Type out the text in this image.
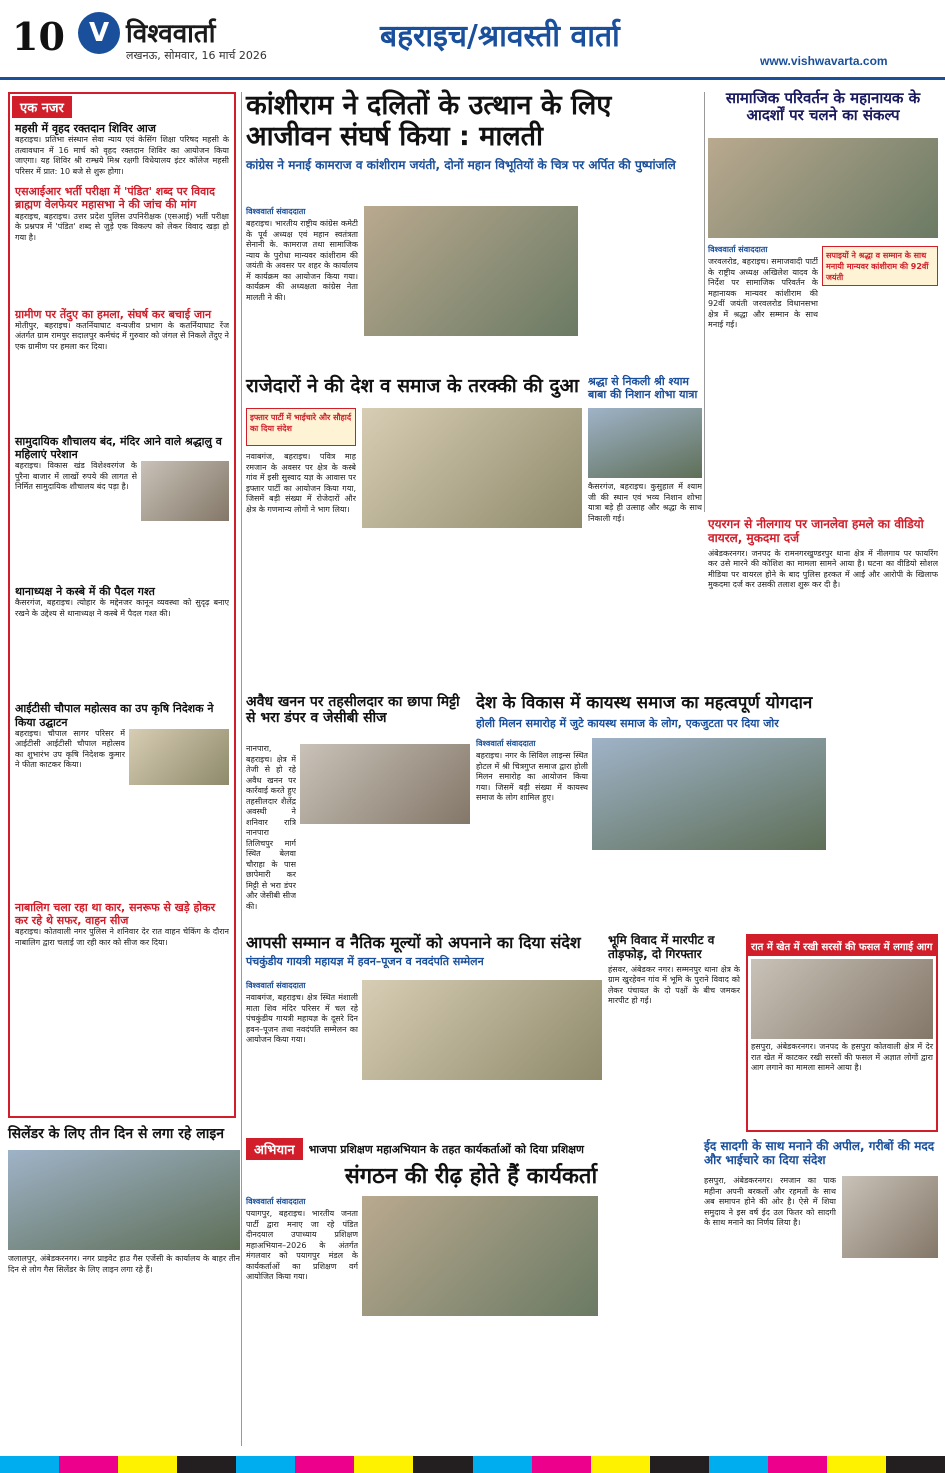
10 V विश्ववार्ता
लखनऊ, सोमवार, 16 मार्च 2026
बहराइच/श्रावस्ती वार्ता
www.vishwavarta.com
एक नजर
महसी में वृहद रक्तदान शिविर आज
बहराइच। प्रतिभा संस्थान सेवा न्याय एवं केसिंग शिक्षा परिषद महसी के तत्वावधान में 16 मार्च को वृहद रक्तदान शिविर का आयोजन किया जाएगा। यह शिविर श्री राम्भ्रये मिश्र रक्षगी विधेयालय इंटर कॉलेज महसी परिसर में प्रात: 10 बजे से शुरू होगा।
एसआईआर भर्ती परीक्षा में 'पंडित' शब्द पर विवाद ब्राह्मण वेलफेयर महासभा ने की जांच की मांग
बहराइच, बहराइच। उत्तर प्रदेश पुलिस उपनिरीक्षक (एसआई) भर्ती परीक्षा के प्रश्नपत्र में 'पंडित' शब्द से जुड़े एक विकल्प को लेकर विवाद खड़ा हो गया है।
ग्रामीण पर तेंदुए का हमला, संघर्ष कर बचाई जान
मोतीपुर, बहराइच। कतर्नियाघाट वन्यजीव प्रभाग के कतर्नियाघाट रेंज अंतर्गत ग्राम रामपुर सदालपुर कर्मचंद में गुरुवार को जंगल से निकले तेंदुए ने एक ग्रामीण पर हमला कर दिया।
सामुदायिक शौचालय बंद, मंदिर आने वाले श्रद्धालु व महिलाएं परेशान
बहराइच। विकास खंड विशेश्वरगंज के पुरैना बाजार में लाखों रुपये की लागत से निर्मित सामुदायिक शौचालय बंद पड़ा है।
थानाध्यक्ष ने कस्बे में की पैदल गश्त
कैसरगंज, बहराइच। त्योहार के मद्देनजर कानून व्यवस्था को सुदृढ़ बनाए रखने के उद्देश्य से थानाध्यक्ष ने कस्बे में पैदल गश्त की।
आईटीसी चौपाल महोत्सव का उप कृषि निदेशक ने किया उद्घाटन
बहराइच। चौपाल सागर परिसर में आईटीसी आईटीसी चौपाल महोत्सव का शुभारंभ उप कृषि निदेशक कुमार ने फीता काटकर किया।
नाबालिग चला रहा था कार, सनरूफ से खड़े होकर कर रहे थे सफर, वाहन सीज
बहराइच। कोतवाली नगर पुलिस ने शनिवार देर रात वाहन चेकिंग के दौरान नाबालिग द्वारा चलाई जा रही कार को सीज कर दिया।
कांशीराम ने दलितों के उत्थान के लिए आजीवन संघर्ष किया : मालती
कांग्रेस ने मनाई कामराज व कांशीराम जयंती, दोनों महान विभूतियों के चित्र पर अर्पित की पुष्पांजलि
विश्ववार्ता संवाददाता
बहराइच। भारतीय राष्ट्रीय कांग्रेस कमेटी के पूर्व अध्यक्ष एवं महान स्वतंत्रता सेनानी के. कामराज तथा सामाजिक न्याय के पुरोधा मान्यवर कांशीराम की जयंती के अवसर पर शहर के कार्यालय में कार्यक्रम का आयोजन किया गया। कार्यक्रम की अध्यक्षता कांग्रेस नेता मालती ने की।
सामाजिक परिवर्तन के महानायक के आदर्शों पर चलने का संकल्प
सपाइयों ने श्रद्धा व सम्मान के साथ मनायी मान्यवर कांशीराम की 92वीं जयंती
विश्ववार्ता संवाददाता
जरवलरोड, बहराइच। समाजवादी पार्टी के राष्ट्रीय अध्यक्ष अखिलेश यादव के निर्देश पर सामाजिक परिवर्तन के महानायक मान्यवर कांशीराम की 92वीं जयंती जरवलरोड विधानसभा क्षेत्र में श्रद्धा और सम्मान के साथ मनाई गई।
राजेदारों ने की देश व समाज के तरक्की की दुआ
इफ्तार पार्टी में भाईचारे और सौहार्द का दिया संदेश
नवाबगंज, बहराइच। पवित्र माह रमजान के अवसर पर क्षेत्र के कस्बे गांव में इसी सुस्वाद यज्ञ के आवास पर इफ्तार पार्टी का आयोजन किया गया, जिसमें बड़ी संख्या में रोजेदारों और क्षेत्र के गणमान्य लोगों ने भाग लिया।
श्रद्धा से निकली श्री श्याम बाबा की निशान शोभा यात्रा
कैसरगंज, बहराइच। कुसुहाल में श्याम जी की स्थान एवं भव्य निशान शोभा यात्रा बड़े ही उत्साह और श्रद्धा के साथ निकाली गई।	एयरगन से नीलगाय पर जानलेवा हमले का वीडियो वायरल, मुकदमा दर्ज
अंबेडकरनगर। जनपद के रामनगरखुण्डरपुर थाना क्षेत्र में नीलगाय पर फायरिंग कर उसे मारने की कोशिश का मामला सामने आया है। घटना का वीडियो सोशल मीडिया पर वायरल होने के बाद पुलिस हरकत में आई और आरोपी के खिलाफ मुकदमा दर्ज कर उसकी तलाश शुरू कर दी है।
अवैध खनन पर तहसीलदार का छापा मिट्टी से भरा डंपर व जेसीबी सीज
नानपारा, बहराइच। क्षेत्र में तेजी से हो रहे अवैध खनन पर कार्रवाई करते हुए तहसीलदार शैलेंद्र अवस्थी ने शनिवार रात्रि नानपारा तिलिचपुर मार्ग स्थित बेलवा चौराहा के पास छापेमारी कर मिट्टी से भरा डंपर और जेसीबी सीज की।
देश के विकास में कायस्थ समाज का महत्वपूर्ण योगदान
होली मिलन समारोह में जुटे कायस्थ समाज के लोग, एकजुटता पर दिया जोर
विश्ववार्ता संवाददाता
बहराइच। नगर के सिविल लाइन्स स्थित होटल में श्री चित्रगुप्त समाज द्वारा होली मिलन समारोह का आयोजन किया गया। जिसमें बड़ी संख्या में कायस्थ समाज के लोग शामिल हुए।
आपसी सम्मान व नैतिक मूल्यों को अपनाने का दिया संदेश
पंचकुंडीय गायत्री महायज्ञ में हवन–पूजन व नवदंपति सम्मेलन
विश्ववार्ता संवाददाता
नवाबगंज, बहराइच। क्षेत्र स्थित मंशाली माता शिव मंदिर परिसर में चल रहे पंचकुंडीय गायत्री महायज्ञ के दूसरे दिन हवन–पूजन तथा नवदंपति सम्मेलन का आयोजन किया गया।
भूमि विवाद में मारपीट व तोड़फोड़, दो गिरफ्तार
हंसवर, अंबेडकर नगर। सम्मनपुर थाना क्षेत्र के ग्राम खुरहेवन गांव में भूमि के पुराने विवाद को लेकर पंचायत के दो पक्षों के बीच जमकर मारपीट हो गई।
रात में खेत में रखी सरसों की फसल में लगाई आग
हसपुरा, अंबेडकरनगर। जनपद के हसपुरा कोतवाली क्षेत्र में देर रात खेत में काटकर रखी सरसों की फसल में अज्ञात लोगों द्वारा आग लगाने का मामला सामने आया है।
सिलेंडर के लिए तीन दिन से लगा रहे लाइन
जलालपुर, अंबेडकरनगर। नगर प्राइवेट हाउ गैस एजेंसी के कार्यालय के बाहर तीन दिन से लोग गैस सिलेंडर के लिए लाइन लगा रहे हैं।
अभियान	भाजपा प्रशिक्षण महाअभियान के तहत कार्यकर्ताओं को दिया प्रशिक्षण
संगठन की रीढ़ होते हैं कार्यकर्ता
विश्ववार्ता संवाददाता
पयागपुर, बहराइच। भारतीय जनता पार्टी द्वारा मनाए जा रहे पंडित दीनदयाल उपाध्याय प्रशिक्षण महाअभियान–2026 के अंतर्गत मंगलवार को पयागपुर मंडल के कार्यकर्ताओं का प्रशिक्षण वर्ग आयोजित किया गया।
ईद सादगी के साथ मनाने की अपील, गरीबों की मदद और भाईचारे का दिया संदेश
हसपुरा, अंबेडकरनगर। रमजान का पाक महीना अपनी बरकतों और रहमतों के साथ अब समापन होने की ओर है। ऐसे में शिया समुदाय ने इस वर्ष ईद उल फितर को सादगी के साथ मनाने का निर्णय लिया है।
